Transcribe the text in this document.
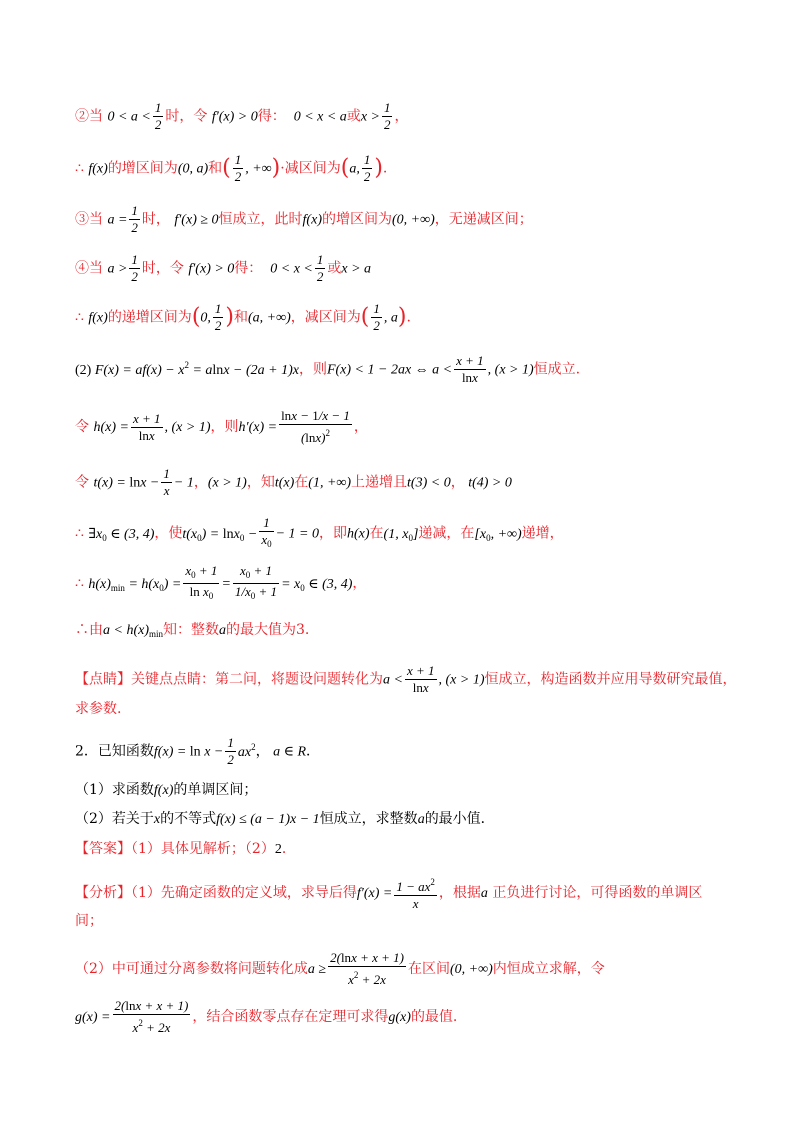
②当 $0 < a < \frac{1}{2}$ 时，令 f′(x) > 0得：  0 < x < a或$x > \frac{1}{2}$ ，
∴ f(x)的增区间为(0, a)和( $\frac{1}{2}$ , +∞)·减区间为(a, $\frac{1}{2}$ ).
③当 $a = \frac{1}{2}$ 时， f′(x) ≥ 0恒成立，此时f(x)的增区间为(0, +∞)，无递减区间；
④当 $a > \frac{1}{2}$ 时，令 f′(x) > 0得：  $0 < x < \frac{1}{2}$ 或x > a
∴ f(x)的递增区间为(0, $\frac{1}{2}$ )和(a, +∞)，减区间为( $\frac{1}{2}$ , a).
(2) $F(x) = af(x) - x^2 = alnx - (2a + 1)x$，则F(x) < 1 − 2ax ⇔ $a < \frac{x + 1}{\ln x}$ , (x > 1)恒成立.
令 $h(x) = \frac{x + 1}{\ln x}$ , (x > 1)，则$h'(x) = \frac{\ln x - 1/x - 1}{(\ln x)^2}$ ，
令 $t(x) = \ln x - \frac{1}{x} - 1$，(x > 1)，知t(x)在(1, +∞)上递增且t(3) < 0， t(4) > 0
∴ $\exists x_0$ ∈ (3, 4)，使$t(x_0) = \ln x_0 - \frac{1}{x_0} - 1 = 0$，即h(x)在(1, $x_0$]递减，在[$x_0$, +∞)递增，
∴ $h(x)_{min} = h(x_0) = \frac{x_0 + 1}{\ln x_0} = \frac{x_0 + 1}{1/x_0 + 1} = x_0$ ∈ (3, 4)，
∴由$a < h(x)_{min}$知：整数a的最大值为3.
【点睛】关键点点睛：第二问，将题设问题转化为$a < \frac{x + 1}{\ln x}$ , (x > 1)恒成立，构造函数并应用导数研究最值，
求参数.
2．已知函数$f(x) = \ln x - \frac{1}{2} ax^2$， a ∈ R．
（1）求函数f(x)的单调区间；
（2）若关于x的不等式f(x) ≤ (a − 1)x − 1恒成立，求整数a的最小值．
【答案】（1）具体见解析；（2）2．
【分析】（1）先确定函数的定义域，求导后得$f'(x) = \frac{1 - ax^2}{x}$ ，根据a 正负进行讨论，可得函数的单调区
间；
（2）中可通过分离参数将问题转化成$a \ge \frac{2(\ln x + x + 1)}{x^2 + 2x}$ 在区间(0, +∞)内恒成立求解，令
$g(x) = \frac{2(\ln x + x + 1)}{x^2 + 2x}$ ，结合函数零点存在定理可求得g(x)的最值.
